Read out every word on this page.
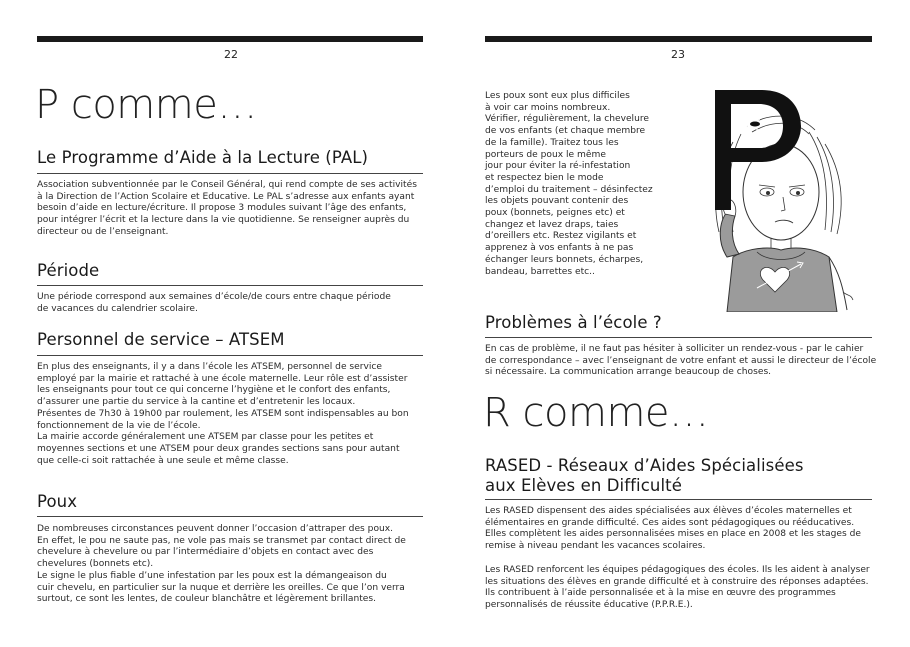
22
P comme…
Le Programme d’Aide à la Lecture (PAL)

Association subventionnée par le Conseil Général, qui rend compte de ses activités

à la Direction de l’Action Scolaire et Educative. Le PAL s’adresse aux enfants ayant

besoin d’aide en lecture/écriture. Il propose 3 modules suivant l’âge des enfants,

pour intégrer l’écrit et la lecture dans la vie quotidienne. Se renseigner auprès du

directeur ou de l’enseignant.

Période

Une période correspond aux semaines d’école/de cours entre chaque période

de vacances du calendrier scolaire.

Personnel de service – ATSEM

En plus des enseignants, il y a dans l’école les ATSEM, personnel de service

employé par la mairie et rattaché à une école maternelle. Leur rôle est d’assister

les enseignants pour tout ce qui concerne l’hygiène et le confort des enfants,

d’assurer une partie du service à la cantine et d’entretenir les locaux.

Présentes de 7h30 à 19h00 par roulement, les ATSEM sont indispensables au bon

fonctionnement de la vie de l’école.

La mairie accorde généralement une ATSEM par classe pour les petites et

moyennes sections et une ATSEM pour deux grandes sections sans pour autant

que celle-ci soit rattachée à une seule et même classe.

Poux

De nombreuses circonstances peuvent donner l’occasion d’attraper des poux.

En effet, le pou ne saute pas, ne vole pas mais se transmet par contact direct de

chevelure à chevelure ou par l’intermédiaire d’objets en contact avec des

chevelures (bonnets etc).

Le signe le plus fiable d’une infestation par les poux est la démangeaison du

cuir chevelu, en particulier sur la nuque et derrière les oreilles. Ce que l’on verra

surtout, ce sont les lentes, de couleur blanchâtre et légèrement brillantes.

23

Les poux sont eux plus difficiles

à voir car moins nombreux.

Vérifier, régulièrement, la chevelure

de vos enfants (et chaque membre

de la famille). Traitez tous les

porteurs de poux le même

jour pour éviter la ré-infestation

et respectez bien le mode

d’emploi du traitement – désinfectez

les objets pouvant contenir des

poux (bonnets, peignes etc) et

changez et lavez draps, taies

d’oreillers etc. Restez vigilants et

apprenez à vos enfants à ne pas

échanger leurs bonnets, écharpes,

bandeau, barrettes etc..

Problèmes à l’école ?

En cas de problème, il ne faut pas hésiter à solliciter un rendez-vous - par le cahier

de correspondance – avec l’enseignant de votre enfant et aussi le directeur de l’école

si nécessaire. La communication arrange beaucoup de choses.

R comme…
RASED - Réseaux d’Aides Spécialisées
aux Elèves en Difficulté

Les RASED dispensent des aides spécialisées aux élèves d’écoles maternelles et

élémentaires en grande difficulté. Ces aides sont pédagogiques ou rééducatives.

Elles complètent les aides personnalisées mises en place en 2008 et les stages de

remise à niveau pendant les vacances scolaires.

Les RASED renforcent les équipes pédagogiques des écoles. Ils les aident à analyser

les situations des élèves en grande difficulté et à construire des réponses adaptées.

Ils contribuent à l’aide personnalisée et à la mise en œuvre des programmes

personnalisés de réussite éducative (P.P.R.E.).
